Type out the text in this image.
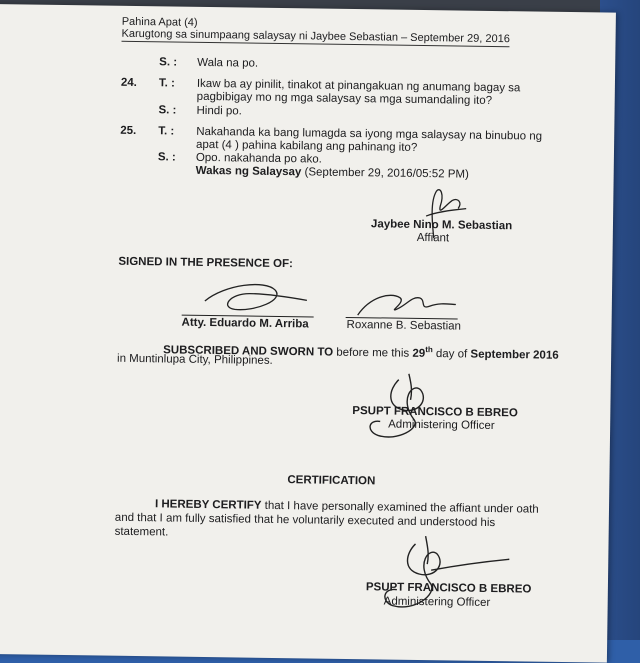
Pahina Apat (4)
Karugtong sa sinumpaang salaysay ni Jaybee Sebastian – September 29, 2016
S. : Wala na po.
24. T. : Ikaw ba ay pinilit, tinakot at pinangakuan ng anumang bagay sa
pagbibigay mo ng mga salaysay sa mga sumandaling ito?
S. : Hindi po.
25. T. : Nakahanda ka bang lumagda sa iyong mga salaysay na binubuo ng
apat (4 ) pahina kabilang ang pahinang ito?
S. : Opo. nakahanda po ako.
Wakas ng Salaysay (September 29, 2016/05:52 PM)
Jaybee Nino M. Sebastian
Affiant
SIGNED IN THE PRESENCE OF:
Atty. Eduardo M. Arriba	Roxanne B. Sebastian
SUBSCRIBED AND SWORN TO before me this 29th day of September 2016
in Muntinlupa City, Philippines.
PSUPT FRANCISCO B EBREO
Administering Officer
CERTIFICATION
I HEREBY CERTIFY that I have personally examined the affiant under oath
and that I am fully satisfied that he voluntarily executed and understood his
statement.
PSUPT FRANCISCO B EBREO
Administering Officer
